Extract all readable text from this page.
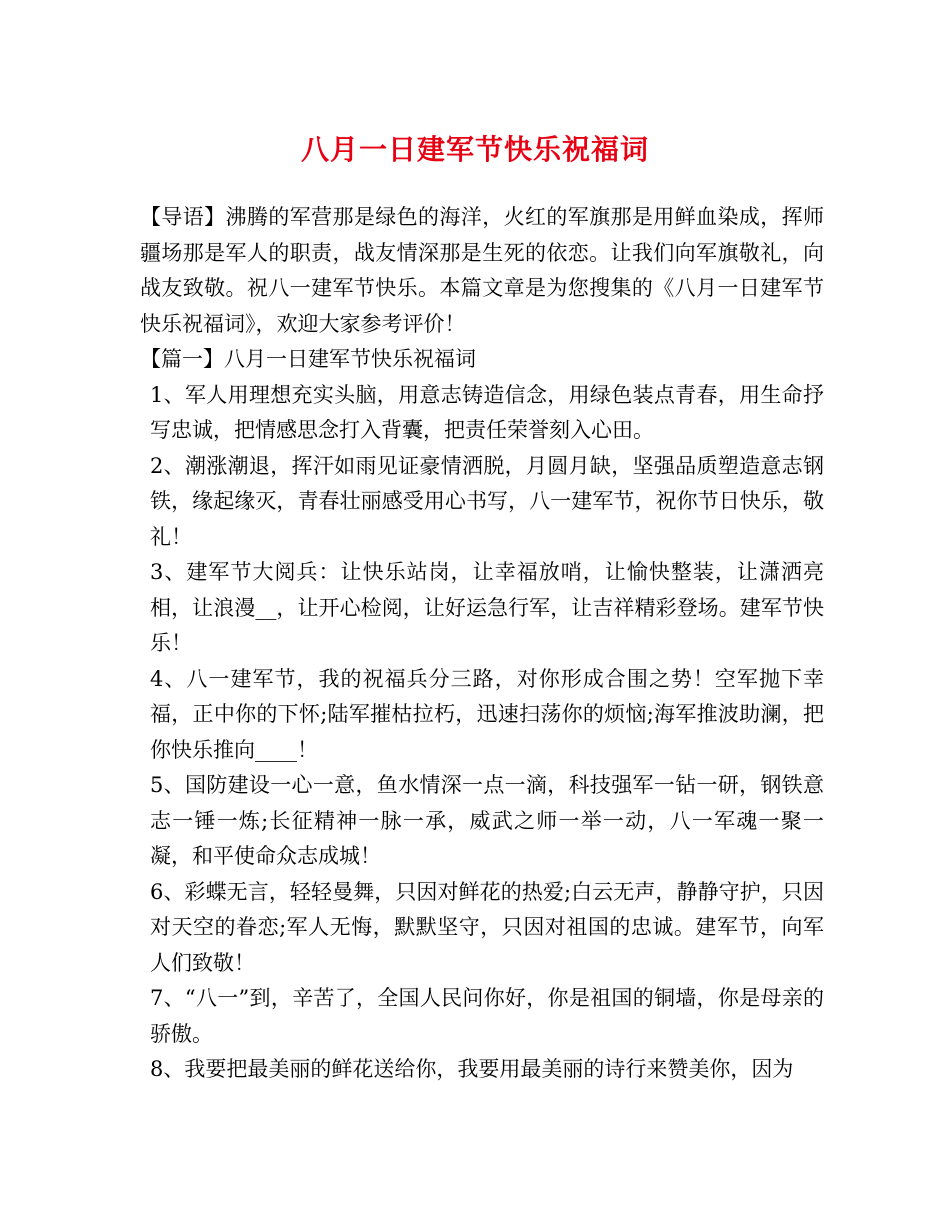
八月一日建军节快乐祝福词

【导语】沸腾的军营那是绿色的海洋，火红的军旗那是用鲜血染成，挥师疆场那是军人的职责，战友情深那是生死的依恋。让我们向军旗敬礼，向战友致敬。祝八一建军节快乐。本篇文章是为您搜集的《八月一日建军节快乐祝福词》，欢迎大家参考评价！

【篇一】八月一日建军节快乐祝福词

1、军人用理想充实头脑，用意志铸造信念，用绿色装点青春，用生命抒写忠诚，把情感思念打入背囊，把责任荣誉刻入心田。

2、潮涨潮退，挥汗如雨见证豪情洒脱，月圆月缺，坚强品质塑造意志钢铁，缘起缘灭，青春壮丽感受用心书写，八一建军节，祝你节日快乐，敬礼！

3、建军节大阅兵：让快乐站岗，让幸福放哨，让愉快整装，让潇洒亮相，让浪漫__，让开心检阅，让好运急行军，让吉祥精彩登场。建军节快乐！

4、八一建军节，我的祝福兵分三路，对你形成合围之势！空军抛下幸福，正中你的下怀;陆军摧枯拉朽，迅速扫荡你的烦恼;海军推波助澜，把你快乐推向____！

5、国防建设一心一意，鱼水情深一点一滴，科技强军一钻一研，钢铁意志一锤一炼;长征精神一脉一承，威武之师一举一动，八一军魂一聚一凝，和平使命众志成城！

6、彩蝶无言，轻轻曼舞，只因对鲜花的热爱;白云无声，静静守护，只因对天空的眷恋;军人无悔，默默坚守，只因对祖国的忠诚。建军节，向军人们致敬！

7、“八一”到，辛苦了，全国人民问你好，你是祖国的铜墙，你是母亲的骄傲。

8、我要把最美丽的鲜花送给你，我要用最美丽的诗行来赞美你，因为
